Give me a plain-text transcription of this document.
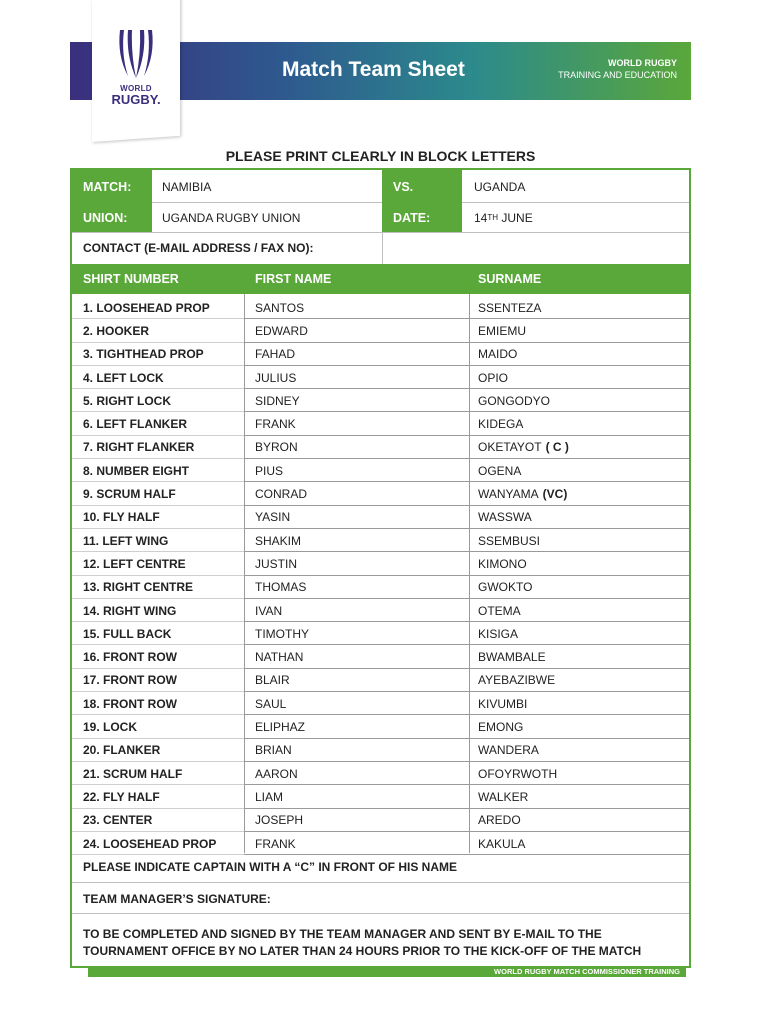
Match Team Sheet	WORLD RUGBY
TRAINING AND EDUCATION
WORLD
RUGBY.
PLEASE PRINT CLEARLY IN BLOCK LETTERS
MATCH:	NAMIBIA	VS.	UGANDA
UNION:	UGANDA RUGBY UNION	DATE:	14 TH JUNE
CONTACT (E-MAIL ADDRESS / FAX NO):
SHIRT NUMBER	FIRST NAME	SURNAME
1. LOOSEHEAD PROP	SANTOS	SSENTEZA
2. HOOKER	EDWARD	EMIEMU
3. TIGHTHEAD PROP	FAHAD	MAIDO
4. LEFT LOCK	JULIUS	OPIO
5. RIGHT LOCK	SIDNEY	GONGODYO
6. LEFT FLANKER	FRANK	KIDEGA
7. RIGHT FLANKER	BYRON	OKETAYOT ( C )
8. NUMBER EIGHT	PIUS	OGENA
9. SCRUM HALF	CONRAD	WANYAMA (VC)
10. FLY HALF	YASIN	WASSWA
11. LEFT WING	SHAKIM	SSEMBUSI
12. LEFT CENTRE	JUSTIN	KIMONO
13. RIGHT CENTRE	THOMAS	GWOKTO
14. RIGHT WING	IVAN	OTEMA
15. FULL BACK	TIMOTHY	KISIGA
16. FRONT ROW	NATHAN	BWAMBALE
17. FRONT ROW	BLAIR	AYEBAZIBWE
18. FRONT ROW	SAUL	KIVUMBI
19. LOCK	ELIPHAZ	EMONG
20. FLANKER	BRIAN	WANDERA
21. SCRUM HALF	AARON	OFOYRWOTH
22. FLY HALF	LIAM	WALKER
23. CENTER	JOSEPH	AREDO
24. LOOSEHEAD PROP	FRANK	KAKULA
PLEASE INDICATE CAPTAIN WITH A “C” IN FRONT OF HIS NAME
TEAM MANAGER’S SIGNATURE:
TO BE COMPLETED AND SIGNED BY THE TEAM MANAGER AND SENT BY E-MAIL TO THE
TOURNAMENT OFFICE BY NO LATER THAN 24 HOURS PRIOR TO THE KICK-OFF OF THE MATCH
WORLD RUGBY MATCH COMMISSIONER TRAINING
